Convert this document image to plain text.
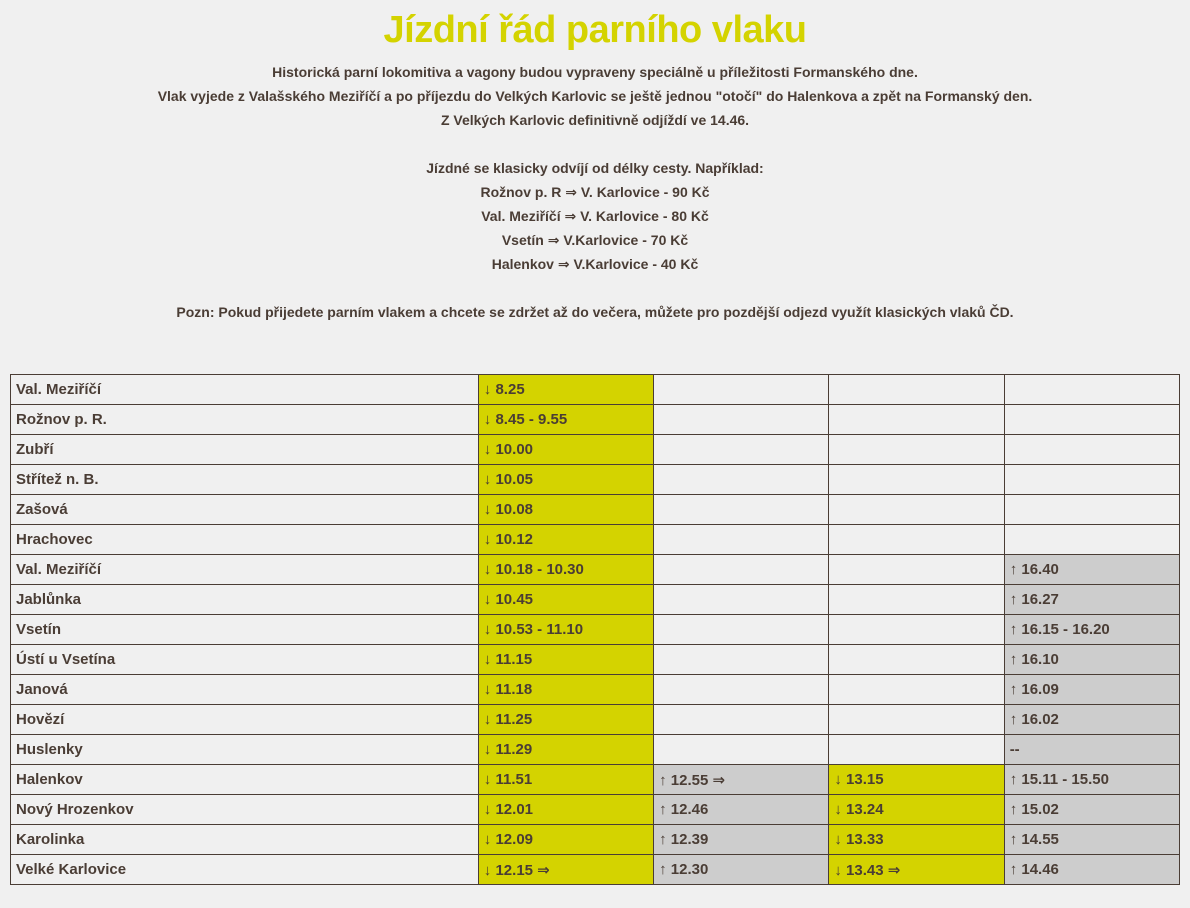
Jízdní řád parního vlaku
Historická parní lokomitiva a vagony budou vypraveny speciálně u příležitosti Formanského dne.
Vlak vyjede z Valašského Meziříčí a po příjezdu do Velkých Karlovic se ještě jednou "otočí" do Halenkova a zpět na Formanský den.
Z Velkých Karlovic definitivně odjíždí ve 14.46.
Jízdné se klasicky odvíjí od délky cesty. Například:
Rožnov p. R ⇒ V. Karlovice - 90 Kč
Val. Meziříčí ⇒ V. Karlovice - 80 Kč
Vsetín ⇒ V.Karlovice - 70 Kč
Halenkov ⇒ V.Karlovice - 40 Kč
Pozn: Pokud přijedete parním vlakem a chcete se zdržet až do večera, můžete pro pozdější odjezd využít klasických vlaků ČD.
Val. Meziříčí	↓ 8.25			
Rožnov p. R.	↓ 8.45 - 9.55			
Zubří	↓ 10.00			
Střítež n. B.	↓ 10.05			
Zašová	↓ 10.08			
Hrachovec	↓ 10.12			
Val. Meziříčí	↓ 10.18 - 10.30			↑ 16.40
Jablůnka	↓ 10.45			↑ 16.27
Vsetín	↓ 10.53 - 11.10			↑ 16.15 - 16.20
Ústí u Vsetína	↓ 11.15			↑ 16.10
Janová	↓ 11.18			↑ 16.09
Hovězí	↓ 11.25			↑ 16.02
Huslenky	↓ 11.29			--
Halenkov	↓ 11.51	↑ 12.55 ⇒	↓ 13.15	↑ 15.11 - 15.50
Nový Hrozenkov	↓ 12.01	↑ 12.46	↓ 13.24	↑ 15.02
Karolinka	↓ 12.09	↑ 12.39	↓ 13.33	↑ 14.55
Velké Karlovice	↓ 12.15 ⇒	↑ 12.30	↓ 13.43 ⇒	↑ 14.46
